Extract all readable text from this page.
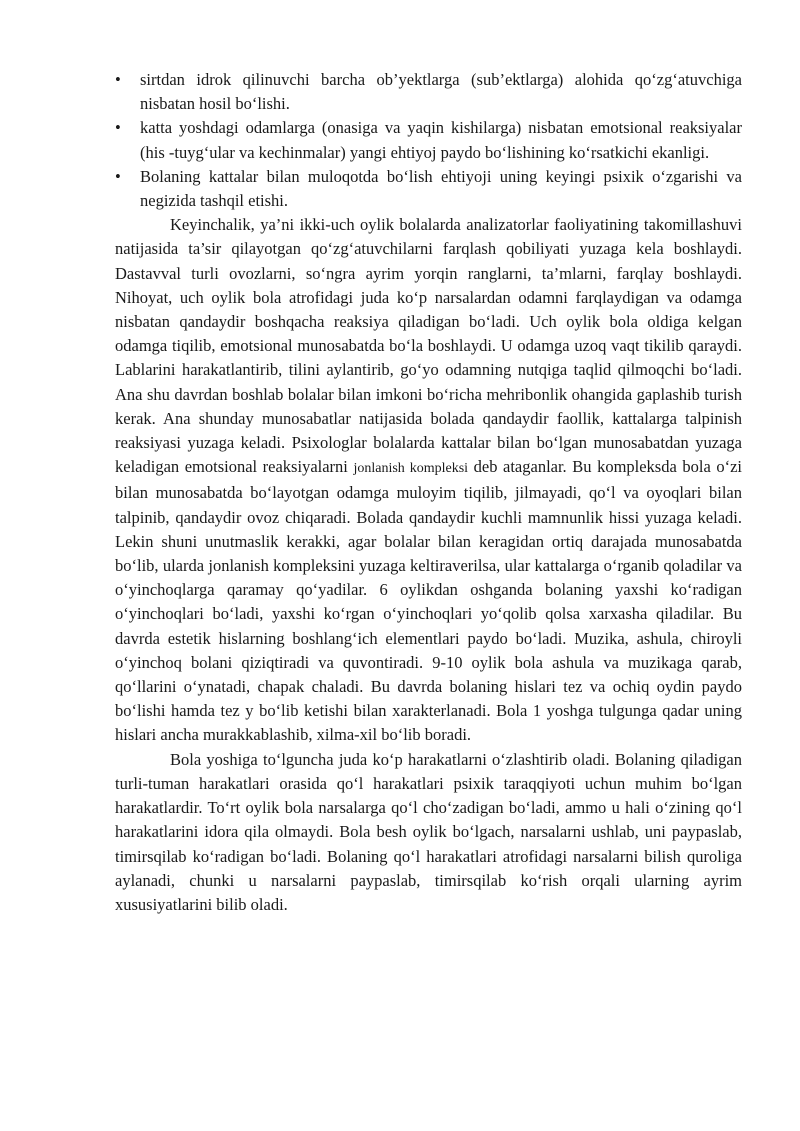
• sirtdan idrok qilinuvchi barcha ob’yektlarga (sub’ektlarga) alohida qo‘zg‘atuvchiga nisbatan hosil bo‘lishi.
• katta yoshdagi odamlarga (onasiga va yaqin kishilarga) nisbatan emotsional reaksiyalar (his -tuyg‘ular va kechinmalar) yangi ehtiyoj paydo bo‘lishining ko‘rsatkichi ekanligi.
• Bolaning kattalar bilan muloqotda bo‘lish ehtiyoji uning keyingi psixik o‘zgarishi va negizida tashqil etishi.

Keyinchalik, ya’ni ikki-uch oylik bolalarda analizatorlar faoliyatining takomillashuvi natijasida ta’sir qilayotgan qo‘zg‘atuvchilarni farqlash qobiliyati yuzaga kela boshlaydi. Dastavval turli ovozlarni, so‘ngra ayrim yorqin ranglarni, ta’mlarni, farqlay boshlaydi. Nihoyat, uch oylik bola atrofidagi juda ko‘p narsalardan odamni farqlaydigan va odamga nisbatan qandaydir boshqacha reaksiya qiladigan bo‘ladi. Uch oylik bola oldiga kelgan odamga tiqilib, emotsional munosabatda bo‘la boshlaydi. U odamga uzoq vaqt tikilib qaraydi. Lablarini harakatlantirib, tilini aylantirib, go‘yo odamning nutqiga taqlid qilmoqchi bo‘ladi. Ana shu davrdan boshlab bolalar bilan imkoni bo‘richa mehribonlik ohangida gaplashib turish kerak. Ana shunday munosabatlar natijasida bolada qandaydir faollik, kattalarga talpinish reaksiyasi yuzaga keladi. Psixologlar bolalarda kattalar bilan bo‘lgan munosabatdan yuzaga keladigan emotsional reaksiyalarni jonlanish kompleksi deb ataganlar. Bu kompleksda bola o‘zi bilan munosabatda bo‘layotgan odamga muloyim tiqilib, jilmayadi, qo‘l va oyoqlari bilan talpinib, qandaydir ovoz chiqaradi. Bolada qandaydir kuchli mamnunlik hissi yuzaga keladi. Lekin shuni unutmaslik kerakki, agar bolalar bilan keragidan ortiq darajada munosabatda bo‘lib, ularda jonlanish kompleksini yuzaga keltiraverilsa, ular kattalarga o‘rganib qoladilar va o‘yinchoqlarga qaramay qo‘yadilar. 6 oylikdan oshganda bolaning yaxshi ko‘radigan o‘yinchoqlari bo‘ladi, yaxshi ko‘rgan o‘yinchoqlari yo‘qolib qolsa xarxasha qiladilar. Bu davrda estetik hislarning boshlang‘ich elementlari paydo bo‘ladi. Muzika, ashula, chiroyli o‘yinchoq bolani qiziqtiradi va quvontiradi. 9-10 oylik bola ashula va muzikaga qarab, qo‘llarini o‘ynatadi, chapak chaladi. Bu davrda bolaning hislari tez va ochiq oydin paydo bo‘lishi hamda tez y bo‘lib ketishi bilan xarakterlanadi. Bola 1 yoshga tulgunga qadar uning hislari ancha murakkablashib, xilma-xil bo‘lib boradi.

Bola yoshiga to‘lguncha juda ko‘p harakatlarni o‘zlashtirib oladi. Bolaning qiladigan turli-tuman harakatlari orasida qo‘l harakatlari psixik taraqqiyoti uchun muhim bo‘lgan harakatlardir. To‘rt oylik bola narsalarga qo‘l cho‘zadigan bo‘ladi, ammo u hali o‘zining qo‘l harakatlarini idora qila olmaydi. Bola besh oylik bo‘lgach, narsalarni ushlab, uni paypaslab, timirsqilab ko‘radigan bo‘ladi. Bolaning qo‘l harakatlari atrofidagi narsalarni bilish quroliga aylanadi, chunki u narsalarni paypaslab, timirsqilab ko‘rish orqali ularning ayrim xususiyatlarini bilib oladi.
